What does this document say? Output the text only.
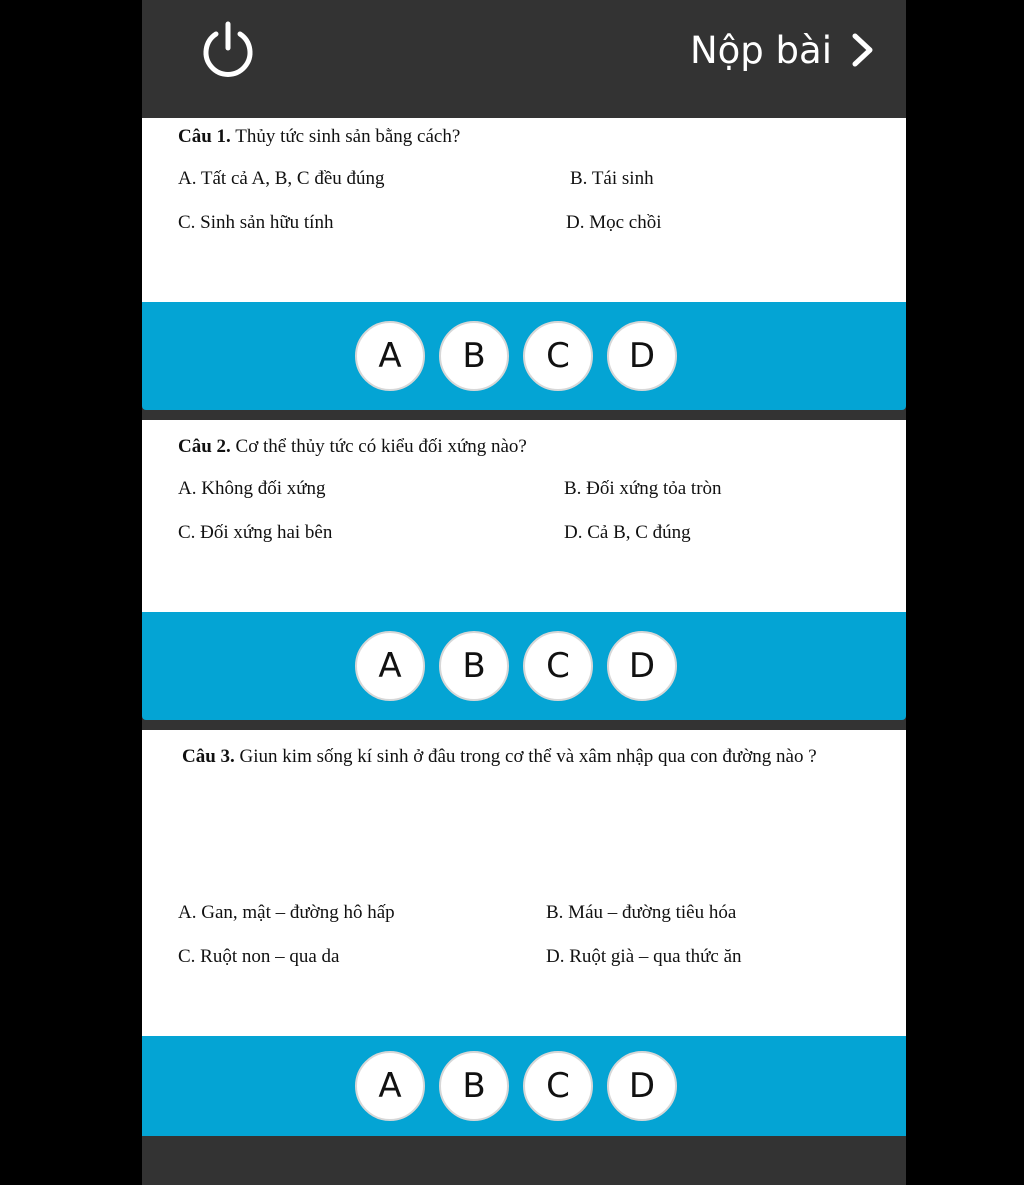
Nộp bài
Câu 1. Thủy tức sinh sản bằng cách?
A. Tất cả A, B, C đều đúng	B. Tái sinh
C. Sinh sản hữu tính	D. Mọc chồi
A	B	C	D
Câu 2. Cơ thể thủy tức có kiểu đối xứng nào?
A. Không đối xứng	B. Đối xứng tỏa tròn
C. Đối xứng hai bên	D. Cả B, C đúng
A	B	C	D
Câu 3. Giun kim sống kí sinh ở đâu trong cơ thể và xâm nhập qua con đường nào ?
A. Gan, mật – đường hô hấp	B. Máu – đường tiêu hóa
C. Ruột non – qua da	D. Ruột già – qua thức ăn
A	B	C	D
